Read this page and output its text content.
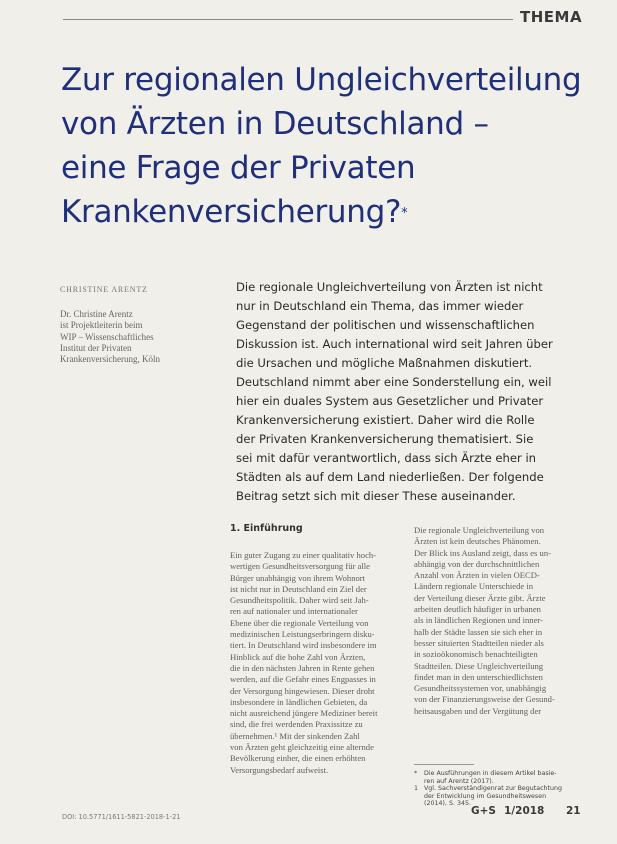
THEMA
Zur regionalen Ungleichverteilung
von Ärzten in Deutschland –
eine Frage der Privaten
Krankenversicherung?*
CHRISTINE ARENTZ
Dr. Christine Arentz
ist Projektleiterin beim
WIP – Wissenschaftliches
Institut der Privaten
Krankenversicherung, Köln
Die regionale Ungleichverteilung von Ärzten ist nicht
nur in Deutschland ein Thema, das immer wieder
Gegenstand der politischen und wissenschaftlichen
Diskussion ist. Auch international wird seit Jahren über
die Ursachen und mögliche Maßnahmen diskutiert.
Deutschland nimmt aber eine Sonderstellung ein, weil
hier ein duales System aus Gesetzlicher und Privater
Krankenversicherung existiert. Daher wird die Rolle
der Privaten Krankenversicherung thematisiert. Sie
sei mit dafür verantwortlich, dass sich Ärzte eher in
Städten als auf dem Land niederließen. Der folgende
Beitrag setzt sich mit dieser These auseinander.
1. Einführung
Ein guter Zugang zu einer qualitativ hoch-
wertigen Gesundheitsversorgung für alle
Bürger unabhängig von ihrem Wohnort
ist nicht nur in Deutschland ein Ziel der
Gesundheitspolitik. Daher wird seit Jah-
ren auf nationaler und internationaler
Ebene über die regionale Verteilung von
medizinischen Leistungserbringern disku-
tiert. In Deutschland wird insbesondere im
Hinblick auf die hohe Zahl von Ärzten,
die in den nächsten Jahren in Rente gehen
werden, auf die Gefahr eines Engpasses in
der Versorgung hingewiesen. Dieser droht
insbesondere in ländlichen Gebieten, da
nicht ausreichend jüngere Mediziner bereit
sind, die frei werdenden Praxissitze zu
übernehmen.¹ Mit der sinkenden Zahl
von Ärzten geht gleichzeitig eine alternde
Bevölkerung einher, die einen erhöhten
Versorgungsbedarf aufweist.
Die regionale Ungleichverteilung von
Ärzten ist kein deutsches Phänomen.
Der Blick ins Ausland zeigt, dass es un-
abhängig von der durchschnittlichen
Anzahl von Ärzten in vielen OECD-
Ländern regionale Unterschiede in
der Verteilung dieser Ärzte gibt. Ärzte
arbeiten deutlich häufiger in urbanen
als in ländlichen Regionen und inner-
halb der Städte lassen sie sich eher in
besser situierten Stadtteilen nieder als
in sozioökonomisch benachteiligten
Stadtteilen. Diese Ungleichverteilung
findet man in den unterschiedlichsten
Gesundheitssystemen vor, unabhängig
von der Finanzierungsweise der Gesund-
heitsausgaben und der Vergütung der
*	Die Ausführungen in diesem Artikel basie-
ren auf Arentz (2017).
1 Vgl. Sachverständigenrat zur Begutachtung
der Entwicklung im Gesundheitswesen
(2014), S. 345.
DOI: 10.5771/1611-5821-2018-1-21	G+S 1/2018 21
